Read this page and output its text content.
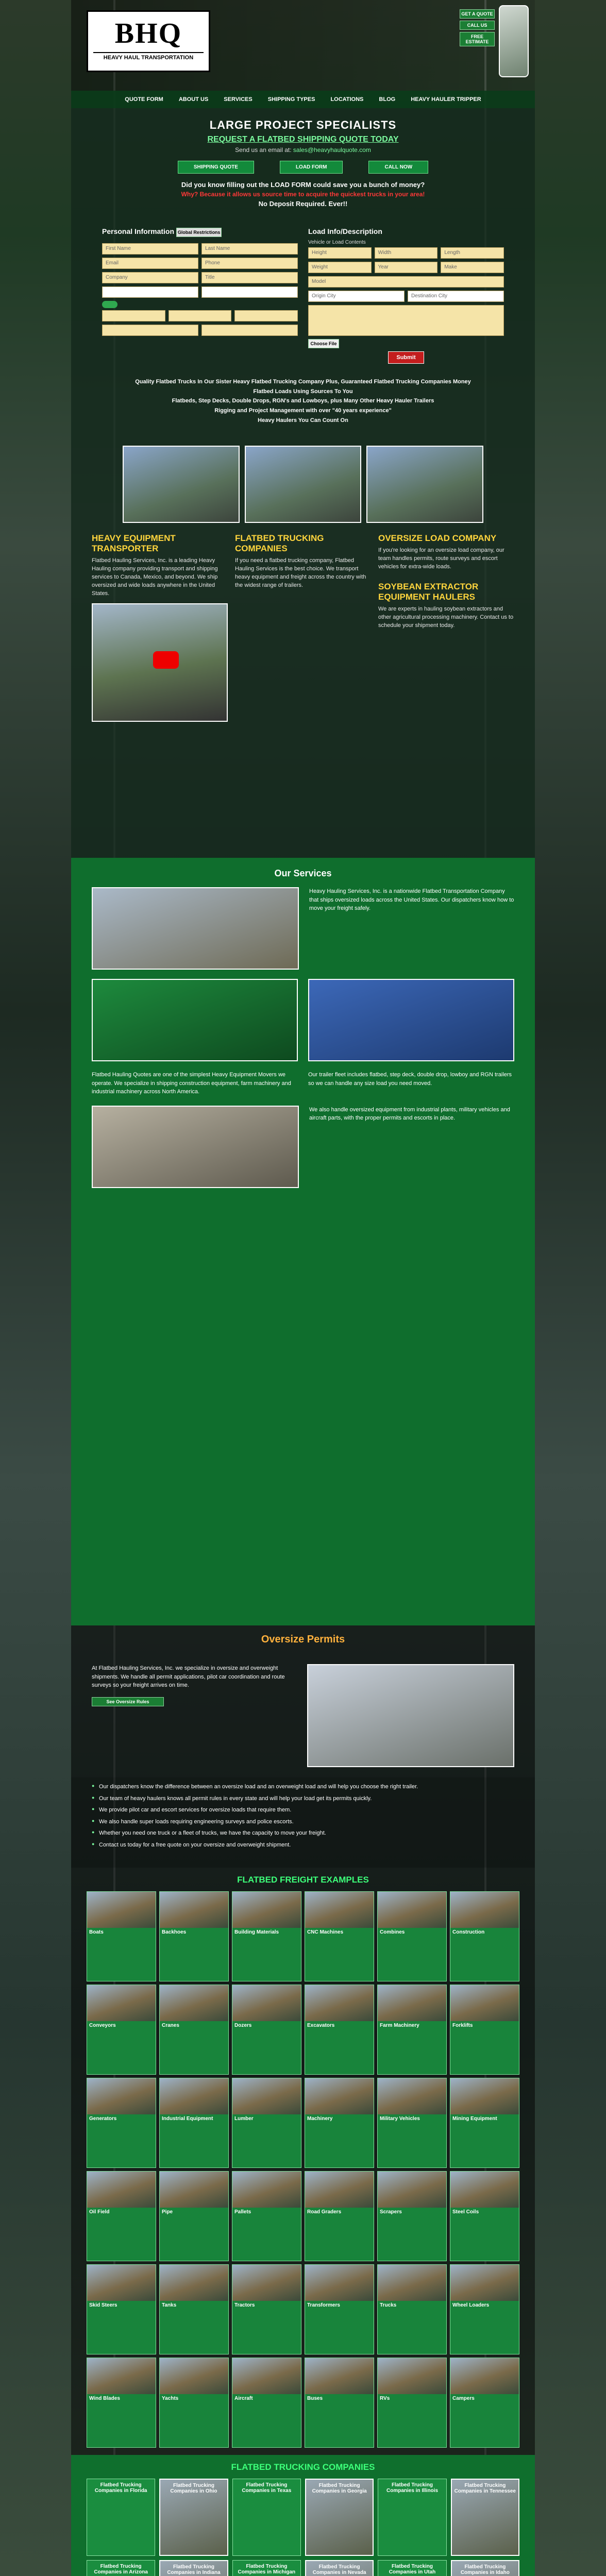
BHQ
HEAVY HAUL TRANSPORTATION
GET A QUOTE
CALL US
FREE ESTIMATE
QUOTE FORM	ABOUT US	SERVICES	SHIPPING TYPES	LOCATIONS	BLOG	HEAVY HAULER TRIPPER
LARGE PROJECT SPECIALISTS
REQUEST A FLATBED SHIPPING QUOTE TODAY
Send us an email at: sales@heavyhaulquote.com
SHIPPING QUOTE	LOAD FORM	CALL NOW
Did you know filling out the LOAD FORM could save you a bunch of money?
Why? Because it allows us source time to acquire the quickest trucks in your area!
No Deposit Required. Ever!!
Personal Information Global Restrictions
First Name	Last Name
Email	Phone
Company	Title
Load Info/Description
Vehicle or Load Contents
Height	Width	Length
Weight	Year	Make
Model
Origin City	Destination City
Choose File
Submit
Quality Flatbed Trucks In Our Sister Heavy Flatbed Trucking Company Plus, Guaranteed Flatbed Trucking Companies Money
Flatbed Loads Using Sources To You
Flatbeds, Step Decks, Double Drops, RGN's and Lowboys, plus Many Other Heavy Hauler Trailers
Rigging and Project Management with over "40 years experience"
Heavy Haulers You Can Count On
HEAVY EQUIPMENT TRANSPORTER

Flatbed Hauling Services, Inc. is a leading Heavy Hauling company providing transport and shipping services to Canada, Mexico, and beyond. We ship oversized and wide loads anywhere in the United States.

FLATBED TRUCKING COMPANIES

If you need a flatbed trucking company, Flatbed Hauling Services is the best choice. We transport heavy equipment and freight across the country with the widest range of trailers.

OVERSIZE LOAD COMPANY

If you're looking for an oversize load company, our team handles permits, route surveys and escort vehicles for extra-wide loads.

SOYBEAN EXTRACTOR EQUIPMENT HAULERS

We are experts in hauling soybean extractors and other agricultural processing machinery. Contact us to schedule your shipment today.

Our Services

Heavy Hauling Services, Inc. is a nationwide Flatbed Transportation Company that ships oversized loads across the United States. Our dispatchers know how to move your freight safely.

Flatbed Hauling Quotes are one of the simplest Heavy Equipment Movers we operate. We specialize in shipping construction equipment, farm machinery and industrial machinery across North America.

Our trailer fleet includes flatbed, step deck, double drop, lowboy and RGN trailers so we can handle any size load you need moved.

We also handle oversized equipment from industrial plants, military vehicles and aircraft parts, with the proper permits and escorts in place.

Oversize Permits

At Flatbed Hauling Services, Inc. we specialize in oversize and overweight shipments. We handle all permit applications, pilot car coordination and route surveys so your freight arrives on time.

See Oversize Rules
● Our dispatchers know the difference between an oversize load and an overweight load and will help you choose the right trailer.
● Our team of heavy haulers knows all permit rules in every state and will help your load get its permits quickly.
● We provide pilot car and escort services for oversize loads that require them.
● We also handle super loads requiring engineering surveys and police escorts.
● Whether you need one truck or a fleet of trucks, we have the capacity to move your freight.
● Contact us today for a free quote on your oversize and overweight shipment.
FLATBED FREIGHT EXAMPLES
Boats	Backhoes	Building Materials	CNC Machines	Combines	Construction
Conveyors	Cranes	Dozers	Excavators	Farm Machinery	Forklifts
Generators	Industrial Equipment	Lumber	Machinery	Military Vehicles	Mining Equipment
Oil Field	Pipe	Pallets	Road Graders	Scrapers	Steel Coils
Skid Steers	Tanks	Tractors	Transformers	Trucks	Wheel Loaders
Wind Blades	Yachts	Aircraft	Buses	RVs	Campers
FLATBED TRUCKING COMPANIES
Flatbed Trucking Companies in Florida
Flatbed Trucking Companies in Ohio
Flatbed Trucking Companies in Texas
Flatbed Trucking Companies in Georgia
Flatbed Trucking Companies in Illinois
Flatbed Trucking Companies in Tennessee
Flatbed Trucking Companies in Arizona
Flatbed Trucking Companies in Indiana
Flatbed Trucking Companies in Michigan
Flatbed Trucking Companies in Nevada
Flatbed Trucking Companies in Utah
Flatbed Trucking Companies in Idaho
